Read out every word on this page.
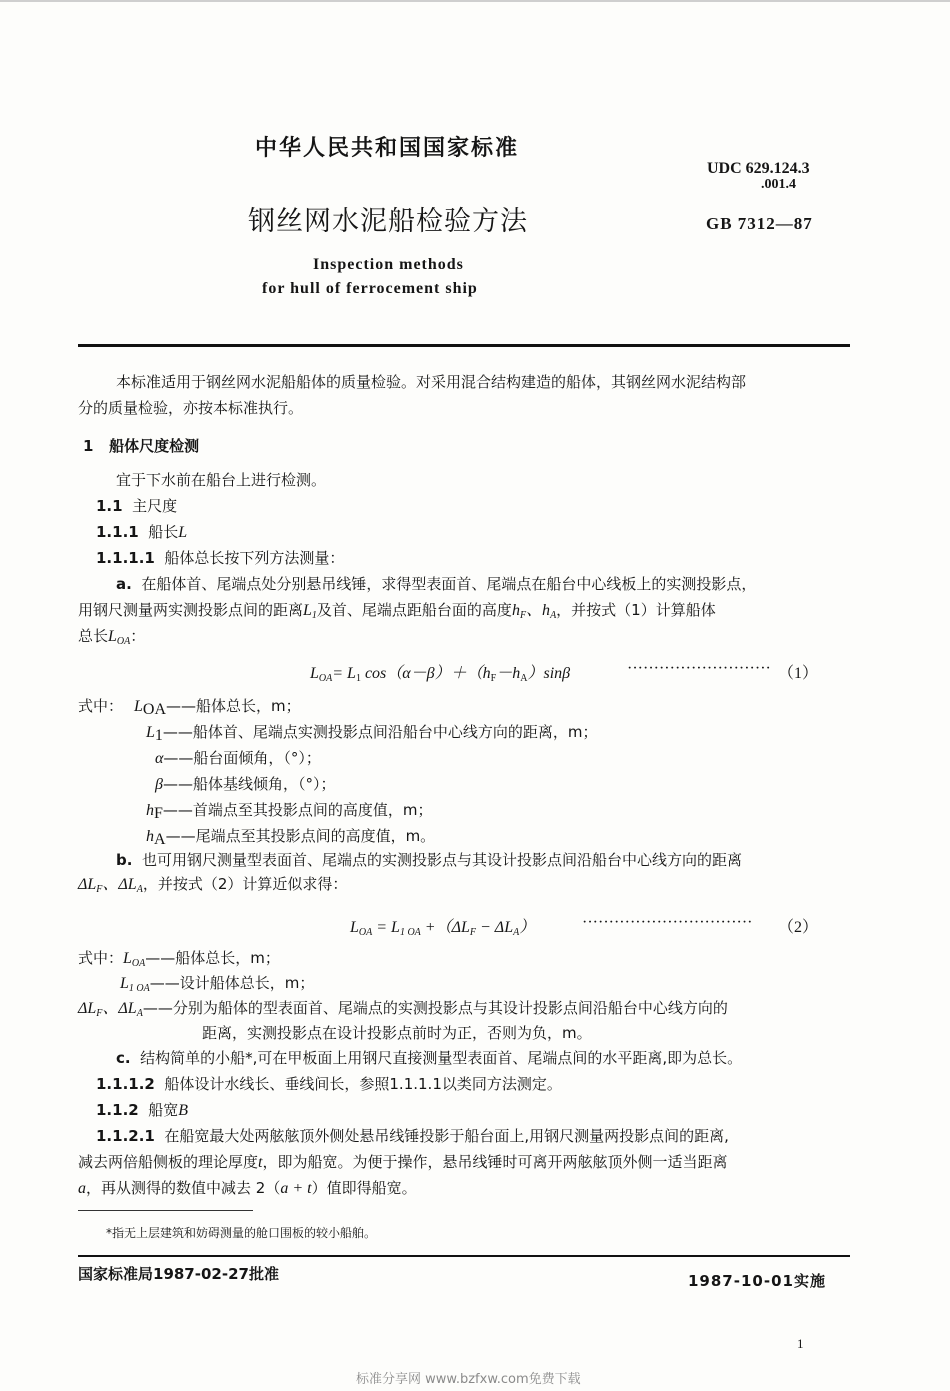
中华人民共和国国家标准
UDC 629.124.3
.001.4
钢丝网水泥船检验方法	GB 7312—87
Inspection methods
for hull of ferrocement ship
本标准适用于钢丝网水泥船船体的质量检验。对采用混合结构建造的船体，其钢丝网水泥结构部
分的质量检验，亦按本标准执行。
1 船体尺度检测
宜于下水前在船台上进行检测。
1.1 主尺度
1.1.1 船长L
1.1.1.1 船体总长按下列方法测量：
a. 在船体首、尾端点处分别悬吊线锤，求得型表面首、尾端点在船台中心线板上的实测投影点，
用钢尺测量两实测投影点间的距离$L_1$及首、尾端点距船台面的高度$h_F$、$h_A$，并按式（1）计算船体
总长$L_{OA}$：
$L_{OA}= L_1$ $\cos(\alpha-\beta)+(h_F-h_A)\sin\beta$	··························· （1）
式中： $L_{OA}——$船体总长，m；
$L_1——$船体首、尾端点实测投影点间沿船台中心线方向的距离，m；
α——船台面倾角，（°）；
β——船体基线倾角，（°）；
$h_F——$首端点至其投影点间的高度值，m；
$h_A——$尾端点至其投影点间的高度值，m。
b. 也可用钢尺测量型表面首、尾端点的实测投影点与其设计投影点间沿船台中心线方向的距离
$\Delta L_F$、$\Delta L_A$，并按式（2）计算近似求得：
$L_{OA} = L_{1 OA} +(\Delta L_F - \Delta L_A)$	································ （2）
式中：$L_{OA}——$船体总长，m；
$L_{1 OA}——$设计船体总长，m；
$\Delta L_F$、$\Delta L_A——$分别为船体的型表面首、尾端点的实测投影点与其设计投影点间沿船台中心线方向的
距离，实测投影点在设计投影点前时为正，否则为负，m。
c. 结构简单的小船*,可在甲板面上用钢尺直接测量型表面首、尾端点间的水平距离,即为总长。
1.1.1.2 船体设计水线长、垂线间长，参照1.1.1.1以类同方法测定。
1.1.2 船宽B
1.1.2.1 在船宽最大处两舷舷顶外侧处悬吊线锤投影于船台面上,用钢尺测量两投影点间的距离,
减去两倍船侧板的理论厚度t，即为船宽。为便于操作，悬吊线锤时可离开两舷舷顶外侧一适当距离
a，再从测得的数值中减去 2（a + t）值即得船宽。
*指无上层建筑和妨碍测量的舱口围板的较小船舶。
国家标准局1987-02-27批准	1987-10-01实施
1
标准分享网 www.bzfxw.com免费下载
